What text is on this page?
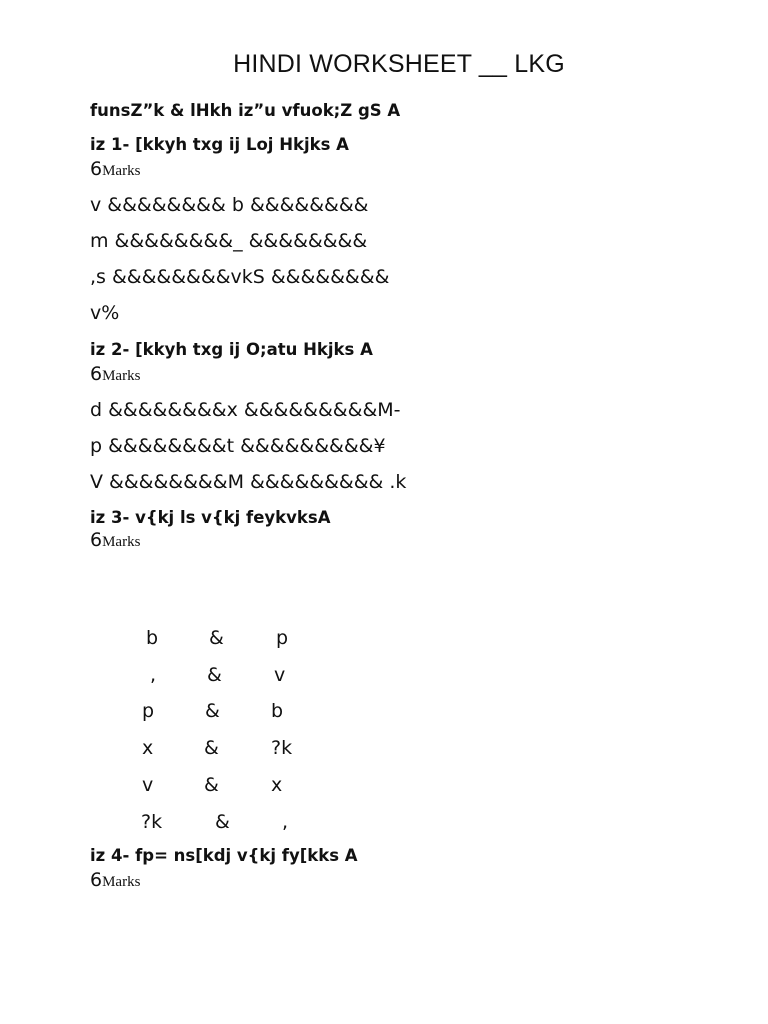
HINDI WORKSHEET __ LKG
funsZ”k & lHkh iz”u vfuok;Z gS A
iz 1- [kkyh txg ij Loj Hkjks A
6Marks
v &&&&&&&& b &&&&&&&&
m &&&&&&&&_ &&&&&&&&
,s &&&&&&&&vkS &&&&&&&&
v%
iz 2- [kkyh txg ij O;atu Hkjks A
6Marks
d &&&&&&&&x &&&&&&&&&M-
p &&&&&&&&t &&&&&&&&&¥
V &&&&&&&&M &&&&&&&&& .k
iz 3- v{kj ls v{kj feykvksA
6Marks
b	&	p
,	&	v
p	&	b
x	&	?k
v	&	x
?k	&	,
iz 4- fp= ns[kdj v{kj fy[kks A
6Marks
